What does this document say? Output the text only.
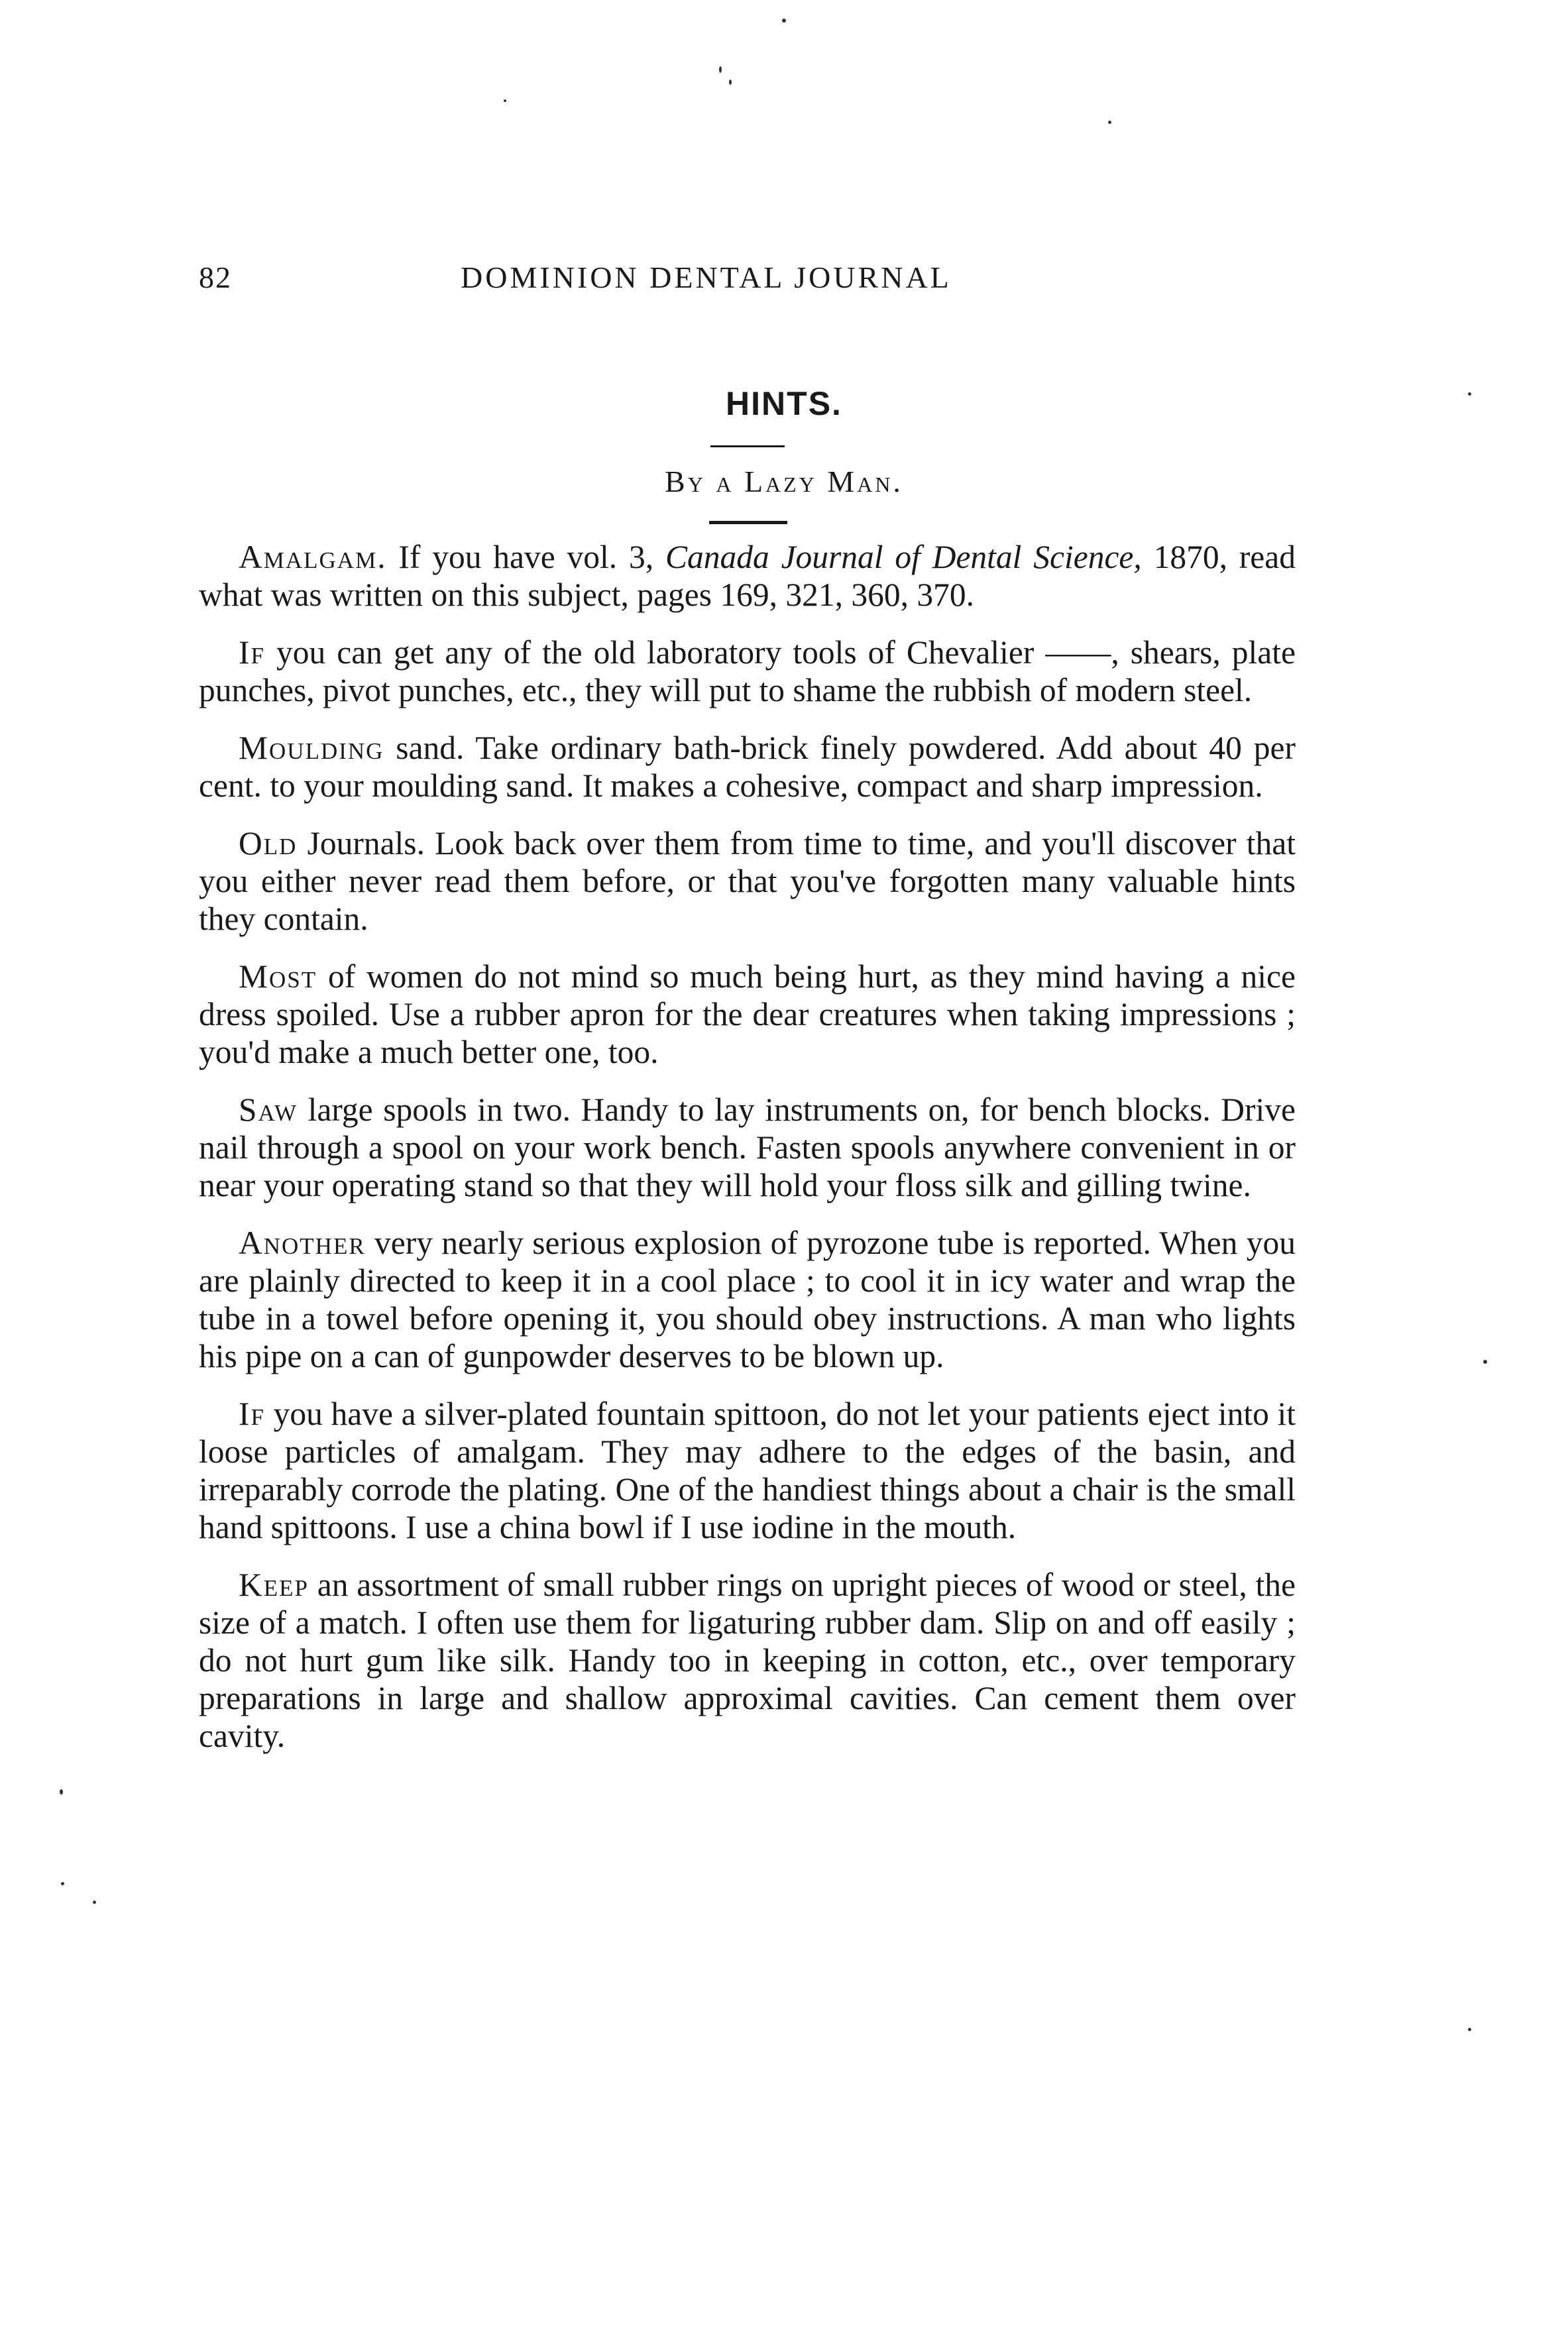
82	DOMINION DENTAL JOURNAL
HINTS.
By a Lazy Man.

Amalgam. If you have vol. 3, Canada Journal of Dental Science, 1870, read what was written on this subject, pages 169, 321, 360, 370.

If you can get any of the old laboratory tools of Chevalier ——, shears, plate punches, pivot punches, etc., they will put to shame the rubbish of modern steel.

Moulding sand. Take ordinary bath-brick finely powdered. Add about 40 per cent. to your moulding sand. It makes a cohesive, compact and sharp impression.

Old Journals. Look back over them from time to time, and you'll discover that you either never read them before, or that you've forgotten many valuable hints they contain.

Most of women do not mind so much being hurt, as they mind having a nice dress spoiled. Use a rubber apron for the dear creatures when taking impressions ; you'd make a much better one, too.

Saw large spools in two. Handy to lay instruments on, for bench blocks. Drive nail through a spool on your work bench. Fasten spools anywhere convenient in or near your operating stand so that they will hold your floss silk and gilling twine.

Another very nearly serious explosion of pyrozone tube is reported. When you are plainly directed to keep it in a cool place ; to cool it in icy water and wrap the tube in a towel before opening it, you should obey instructions. A man who lights his pipe on a can of gunpowder deserves to be blown up.

If you have a silver-plated fountain spittoon, do not let your patients eject into it loose particles of amalgam. They may adhere to the edges of the basin, and irreparably corrode the plating. One of the handiest things about a chair is the small hand spittoons. I use a china bowl if I use iodine in the mouth.

Keep an assortment of small rubber rings on upright pieces of wood or steel, the size of a match. I often use them for ligaturing rubber dam. Slip on and off easily ; do not hurt gum like silk. Handy too in keeping in cotton, etc., over temporary preparations in large and shallow approximal cavities. Can cement them over cavity.
